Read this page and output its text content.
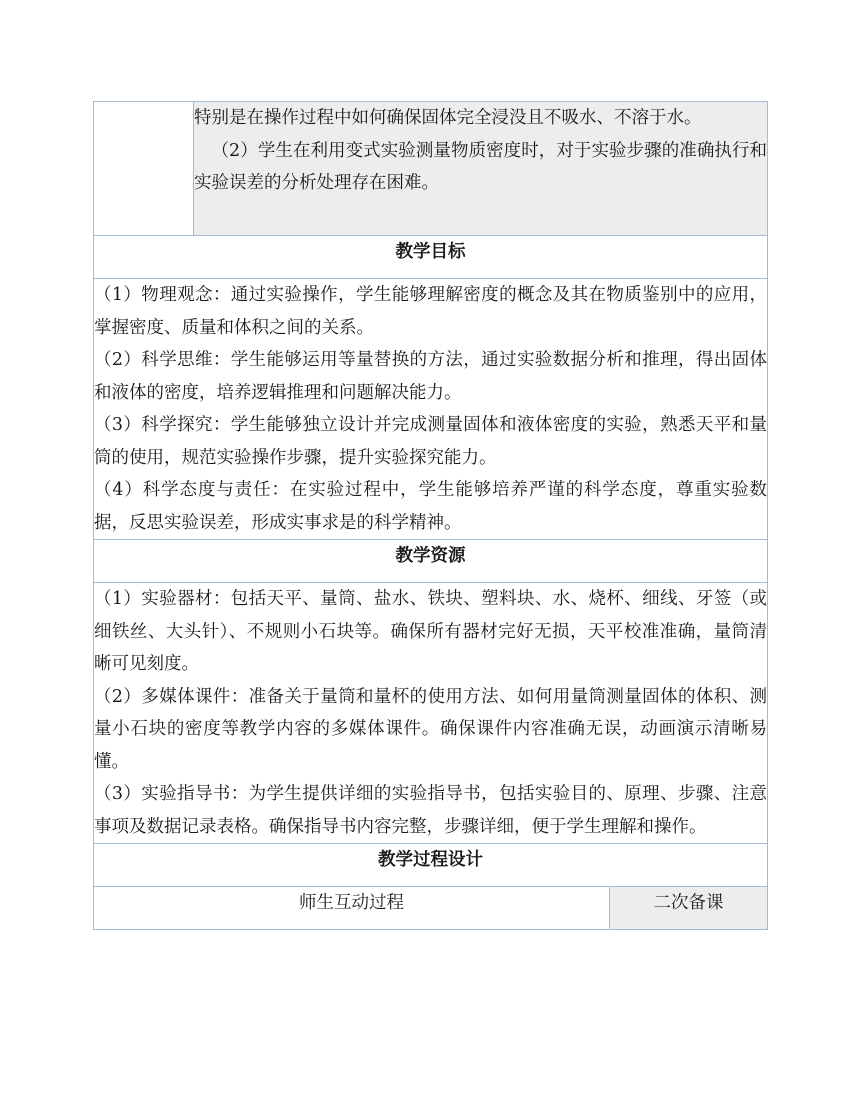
	特别是在操作过程中如何确保固体完全浸没且不吸水、不溶于水。

（2）学生在利用变式实验测量物质密度时，对于实验步骤的准确执行和实验误差的分析处理存在困难。	

教学目标		

（1）物理观念：通过实验操作，学生能够理解密度的概念及其在物质鉴别中的应用，掌握密度、质量和体积之间的关系。

（2）科学思维：学生能够运用等量替换的方法，通过实验数据分析和推理，得出固体和液体的密度，培养逻辑推理和问题解决能力。

（3）科学探究：学生能够独立设计并完成测量固体和液体密度的实验，熟悉天平和量筒的使用，规范实验操作步骤，提升实验探究能力。

（4）科学态度与责任：在实验过程中，学生能够培养严谨的科学态度，尊重实验数据，反思实验误差，形成实事求是的科学精神。		

教学资源		

（1）实验器材：包括天平、量筒、盐水、铁块、塑料块、水、烧杯、细线、牙签（或细铁丝、大头针）、不规则小石块等。确保所有器材完好无损，天平校准准确，量筒清晰可见刻度。

（2）多媒体课件：准备关于量筒和量杯的使用方法、如何用量筒测量固体的体积、测量小石块的密度等教学内容的多媒体课件。确保课件内容准确无误，动画演示清晰易懂。

（3）实验指导书：为学生提供详细的实验指导书，包括实验目的、原理、步骤、注意事项及数据记录表格。确保指导书内容完整，步骤详细，便于学生理解和操作。		

教学过程设计		
师生互动过程		二次备课
